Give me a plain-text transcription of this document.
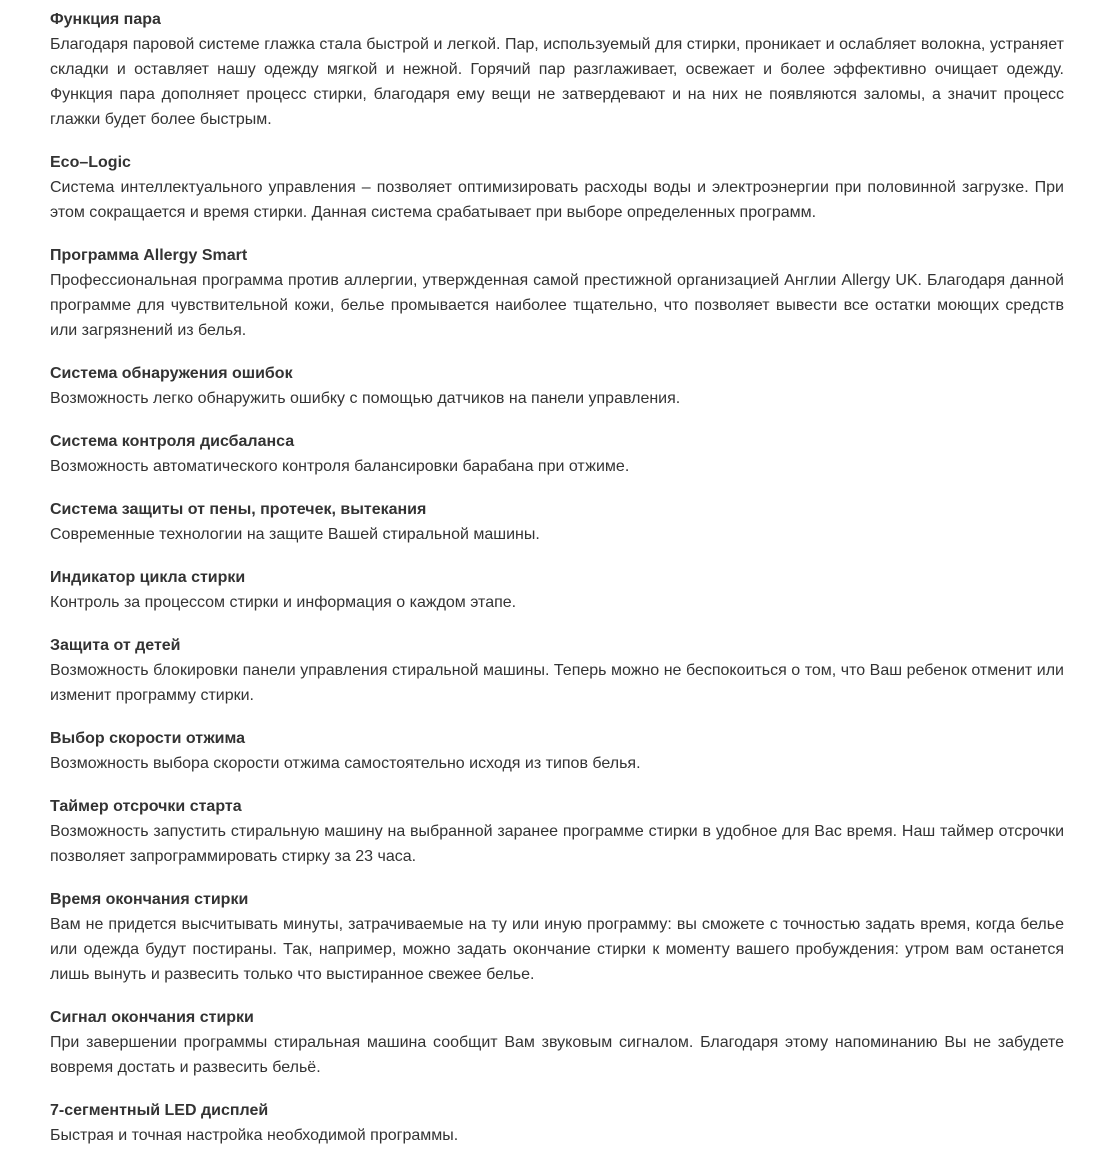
Функция пара

Благодаря паровой системе глажка стала быстрой и легкой. Пар, используемый для стирки, проникает и ослабляет волокна, устраняет складки и оставляет нашу одежду мягкой и нежной. Горячий пар разглаживает, освежает и более эффективно очищает одежду. Функция пара дополняет процесс стирки, благодаря ему вещи не затвердевают и на них не появляются заломы, а значит процесс глажки будет более быстрым.

Eco–Logic

Система интеллектуального управления – позволяет оптимизировать расходы воды и электроэнергии при половинной загрузке. При этом сокращается и время стирки. Данная система срабатывает при выборе определенных программ.

Программа Allergy Smart

Профессиональная программа против аллергии, утвержденная самой престижной организацией Англии Allergy UK. Благодаря данной программе для чувствительной кожи, белье промывается наиболее тщательно, что позволяет вывести все остатки моющих средств или загрязнений из белья.

Система обнаружения ошибок

Возможность легко обнаружить ошибку с помощью датчиков на панели управления.

Система контроля дисбаланса

Возможность автоматического контроля балансировки барабана при отжиме.

Система защиты от пены, протечек, вытекания

Современные технологии на защите Вашей стиральной машины.

Индикатор цикла стирки

Контроль за процессом стирки и информация о каждом этапе.

Защита от детей

Возможность блокировки панели управления стиральной машины. Теперь можно не беспокоиться о том, что Ваш ребенок отменит или изменит программу стирки.

Выбор скорости отжима

Возможность выбора скорости отжима самостоятельно исходя из типов белья.

Таймер отсрочки старта

Возможность запустить стиральную машину на выбранной заранее программе стирки в удобное для Вас время. Наш таймер отсрочки позволяет запрограммировать стирку за 23 часа.

Время окончания стирки

Вам не придется высчитывать минуты, затрачиваемые на ту или иную программу: вы сможете с точностью задать время, когда белье или одежда будут постираны. Так, например, можно задать окончание стирки к моменту вашего пробуждения: утром вам останется лишь вынуть и развесить только что выстиранное свежее белье.

Сигнал окончания стирки

При завершении программы стиральная машина сообщит Вам звуковым сигналом. Благодаря этому напоминанию Вы не забудете вовремя достать и развесить бельё.

7-сегментный LED дисплей

Быстрая и точная настройка необходимой программы.
